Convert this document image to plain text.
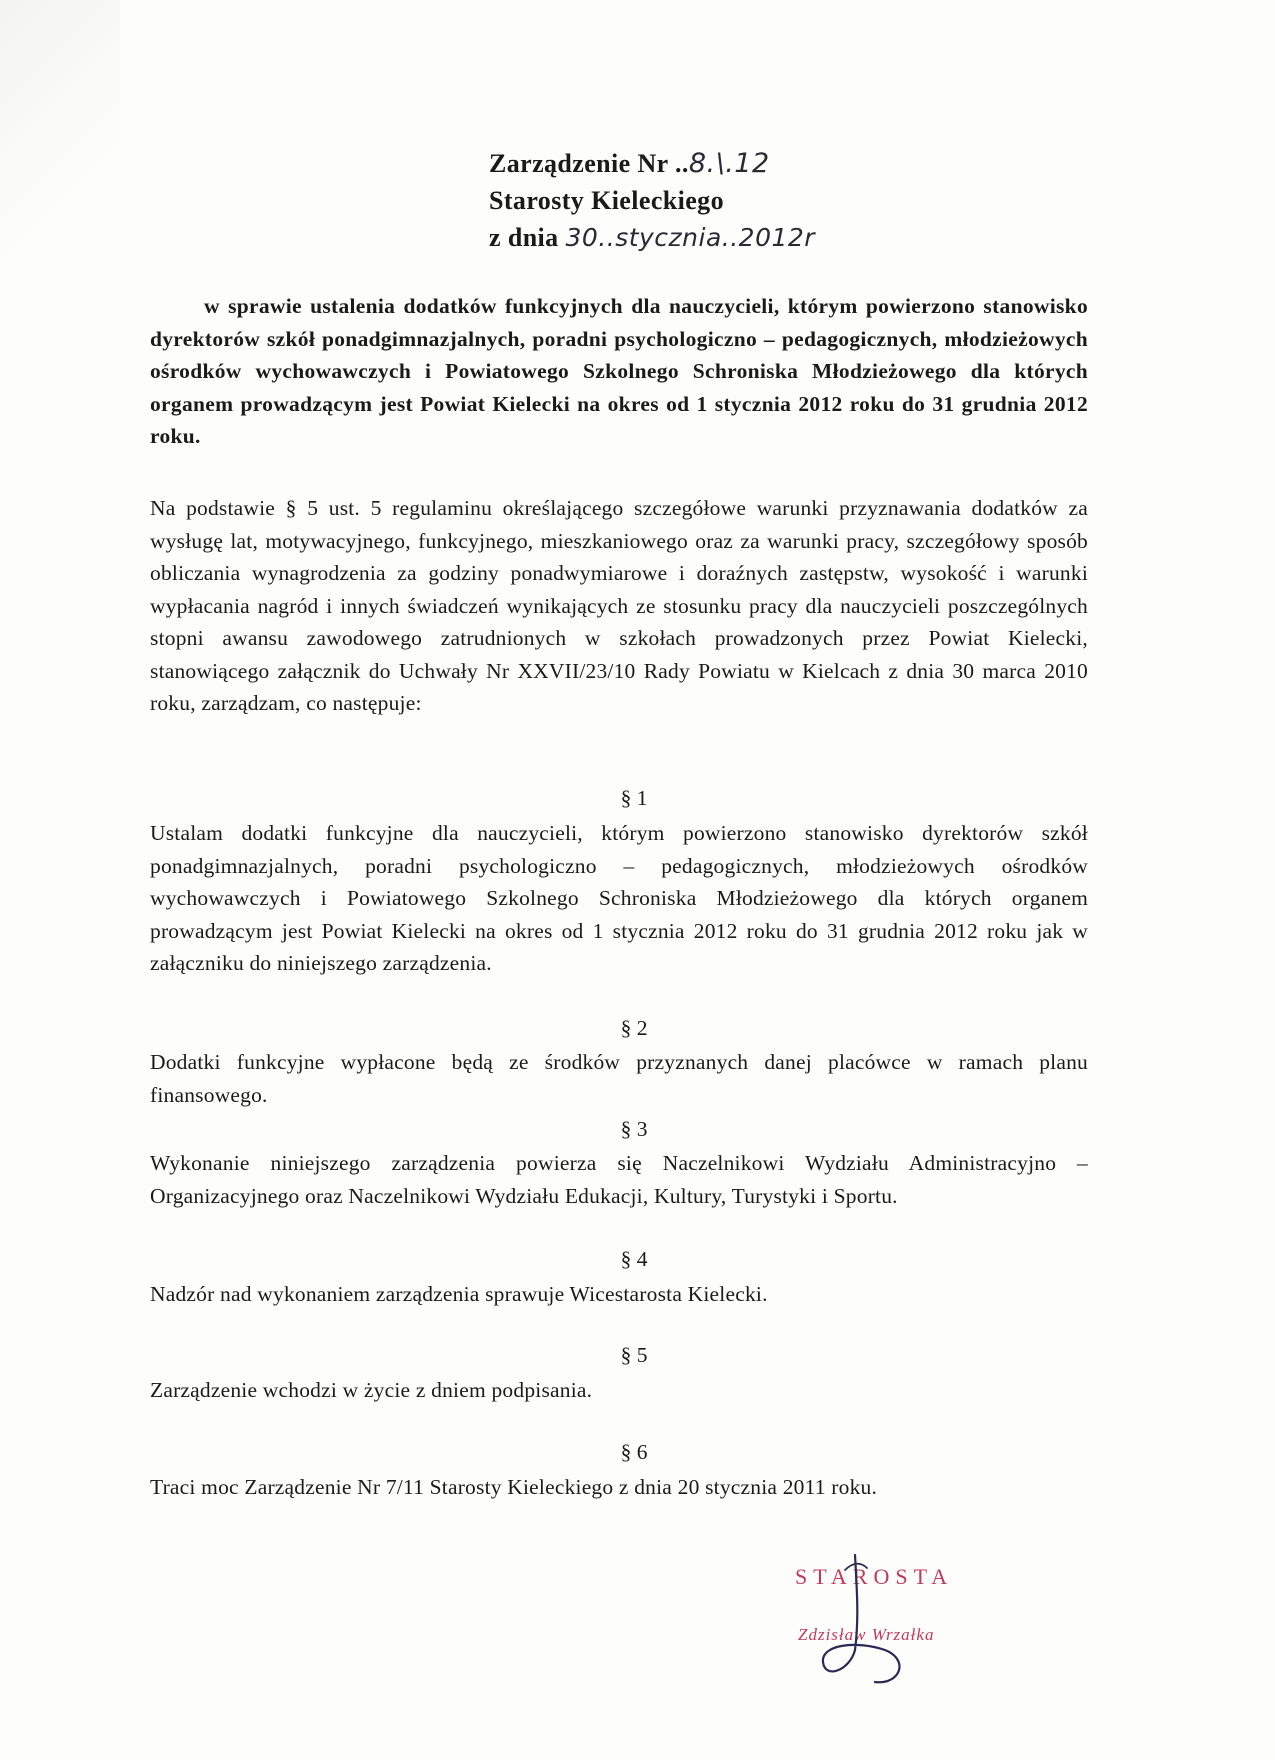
Zarządzenie Nr ..8.\.12
Starosty Kieleckiego
z dnia 30..stycznia..2012r
w sprawie ustalenia dodatków funkcyjnych dla nauczycieli, którym powierzono stanowisko dyrektorów szkół ponadgimnazjalnych, poradni psychologiczno – pedagogicznych, młodzieżowych ośrodków wychowawczych i Powiatowego Szkolnego Schroniska Młodzieżowego dla których organem prowadzącym jest Powiat Kielecki na okres od 1 stycznia 2012 roku do 31 grudnia 2012 roku.
Na podstawie § 5 ust. 5 regulaminu określającego szczegółowe warunki przyznawania dodatków za wysługę lat, motywacyjnego, funkcyjnego, mieszkaniowego oraz za warunki pracy, szczegółowy sposób obliczania wynagrodzenia za godziny ponadwymiarowe i doraźnych zastępstw, wysokość i warunki wypłacania nagród i innych świadczeń wynikających ze stosunku pracy dla nauczycieli poszczególnych stopni awansu zawodowego zatrudnionych w szkołach prowadzonych przez Powiat Kielecki, stanowiącego załącznik do Uchwały Nr XXVII/23/10 Rady Powiatu w Kielcach z dnia 30 marca 2010 roku, zarządzam, co następuje:
§ 1
Ustalam dodatki funkcyjne dla nauczycieli, którym powierzono stanowisko dyrektorów szkół ponadgimnazjalnych, poradni psychologiczno – pedagogicznych, młodzieżowych ośrodków wychowawczych i Powiatowego Szkolnego Schroniska Młodzieżowego dla których organem prowadzącym jest Powiat Kielecki na okres od 1 stycznia 2012 roku do 31 grudnia 2012 roku jak w załączniku do niniejszego zarządzenia.
§ 2
Dodatki funkcyjne wypłacone będą ze środków przyznanych danej placówce w ramach planu finansowego.
§ 3
Wykonanie niniejszego zarządzenia powierza się Naczelnikowi Wydziału Administracyjno – Organizacyjnego oraz Naczelnikowi Wydziału Edukacji, Kultury, Turystyki i Sportu.
§ 4
Nadzór nad wykonaniem zarządzenia sprawuje Wicestarosta Kielecki.
§ 5
Zarządzenie wchodzi w życie z dniem podpisania.
§ 6
Traci moc Zarządzenie Nr 7/11 Starosty Kieleckiego z dnia 20 stycznia 2011 roku.
STAROSTA
Zdzisław Wrzałka
